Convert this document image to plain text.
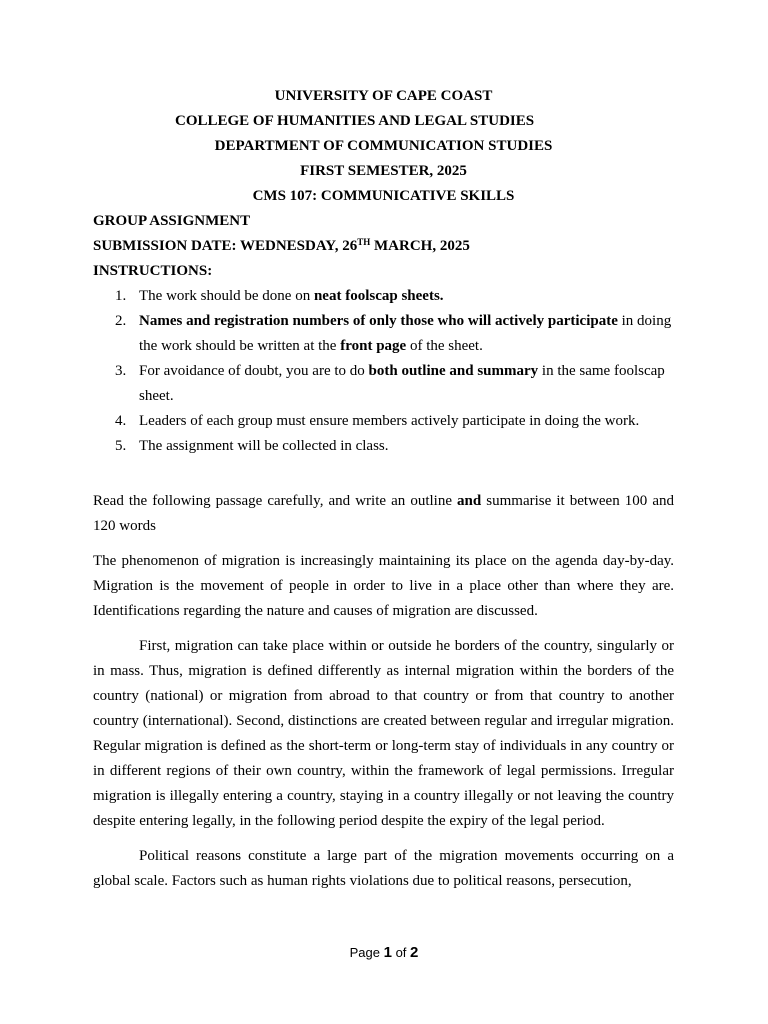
UNIVERSITY OF CAPE COAST
COLLEGE OF HUMANITIES AND LEGAL STUDIES
DEPARTMENT OF COMMUNICATION STUDIES
FIRST SEMESTER, 2025
CMS 107: COMMUNICATIVE SKILLS
GROUP ASSIGNMENT
SUBMISSION DATE: WEDNESDAY, 26TH MARCH, 2025
INSTRUCTIONS:
1. The work should be done on neat foolscap sheets.
2. Names and registration numbers of only those who will actively participate in doing the work should be written at the front page of the sheet.
3. For avoidance of doubt, you are to do both outline and summary in the same foolscap sheet.
4. Leaders of each group must ensure members actively participate in doing the work.
5. The assignment will be collected in class.

Read the following passage carefully, and write an outline and summarise it between 100 and 120 words

The phenomenon of migration is increasingly maintaining its place on the agenda day-by-day. Migration is the movement of people in order to live in a place other than where they are. Identifications regarding the nature and causes of migration are discussed.

First, migration can take place within or outside he borders of the country, singularly or in mass. Thus, migration is defined differently as internal migration within the borders of the country (national) or migration from abroad to that country or from that country to another country (international). Second, distinctions are created between regular and irregular migration. Regular migration is defined as the short-term or long-term stay of individuals in any country or in different regions of their own country, within the framework of legal permissions. Irregular migration is illegally entering a country, staying in a country illegally or not leaving the country despite entering legally, in the following period despite the expiry of the legal period.

Political reasons constitute a large part of the migration movements occurring on a global scale. Factors such as human rights violations due to political reasons, persecution,

Page 1 of 2
